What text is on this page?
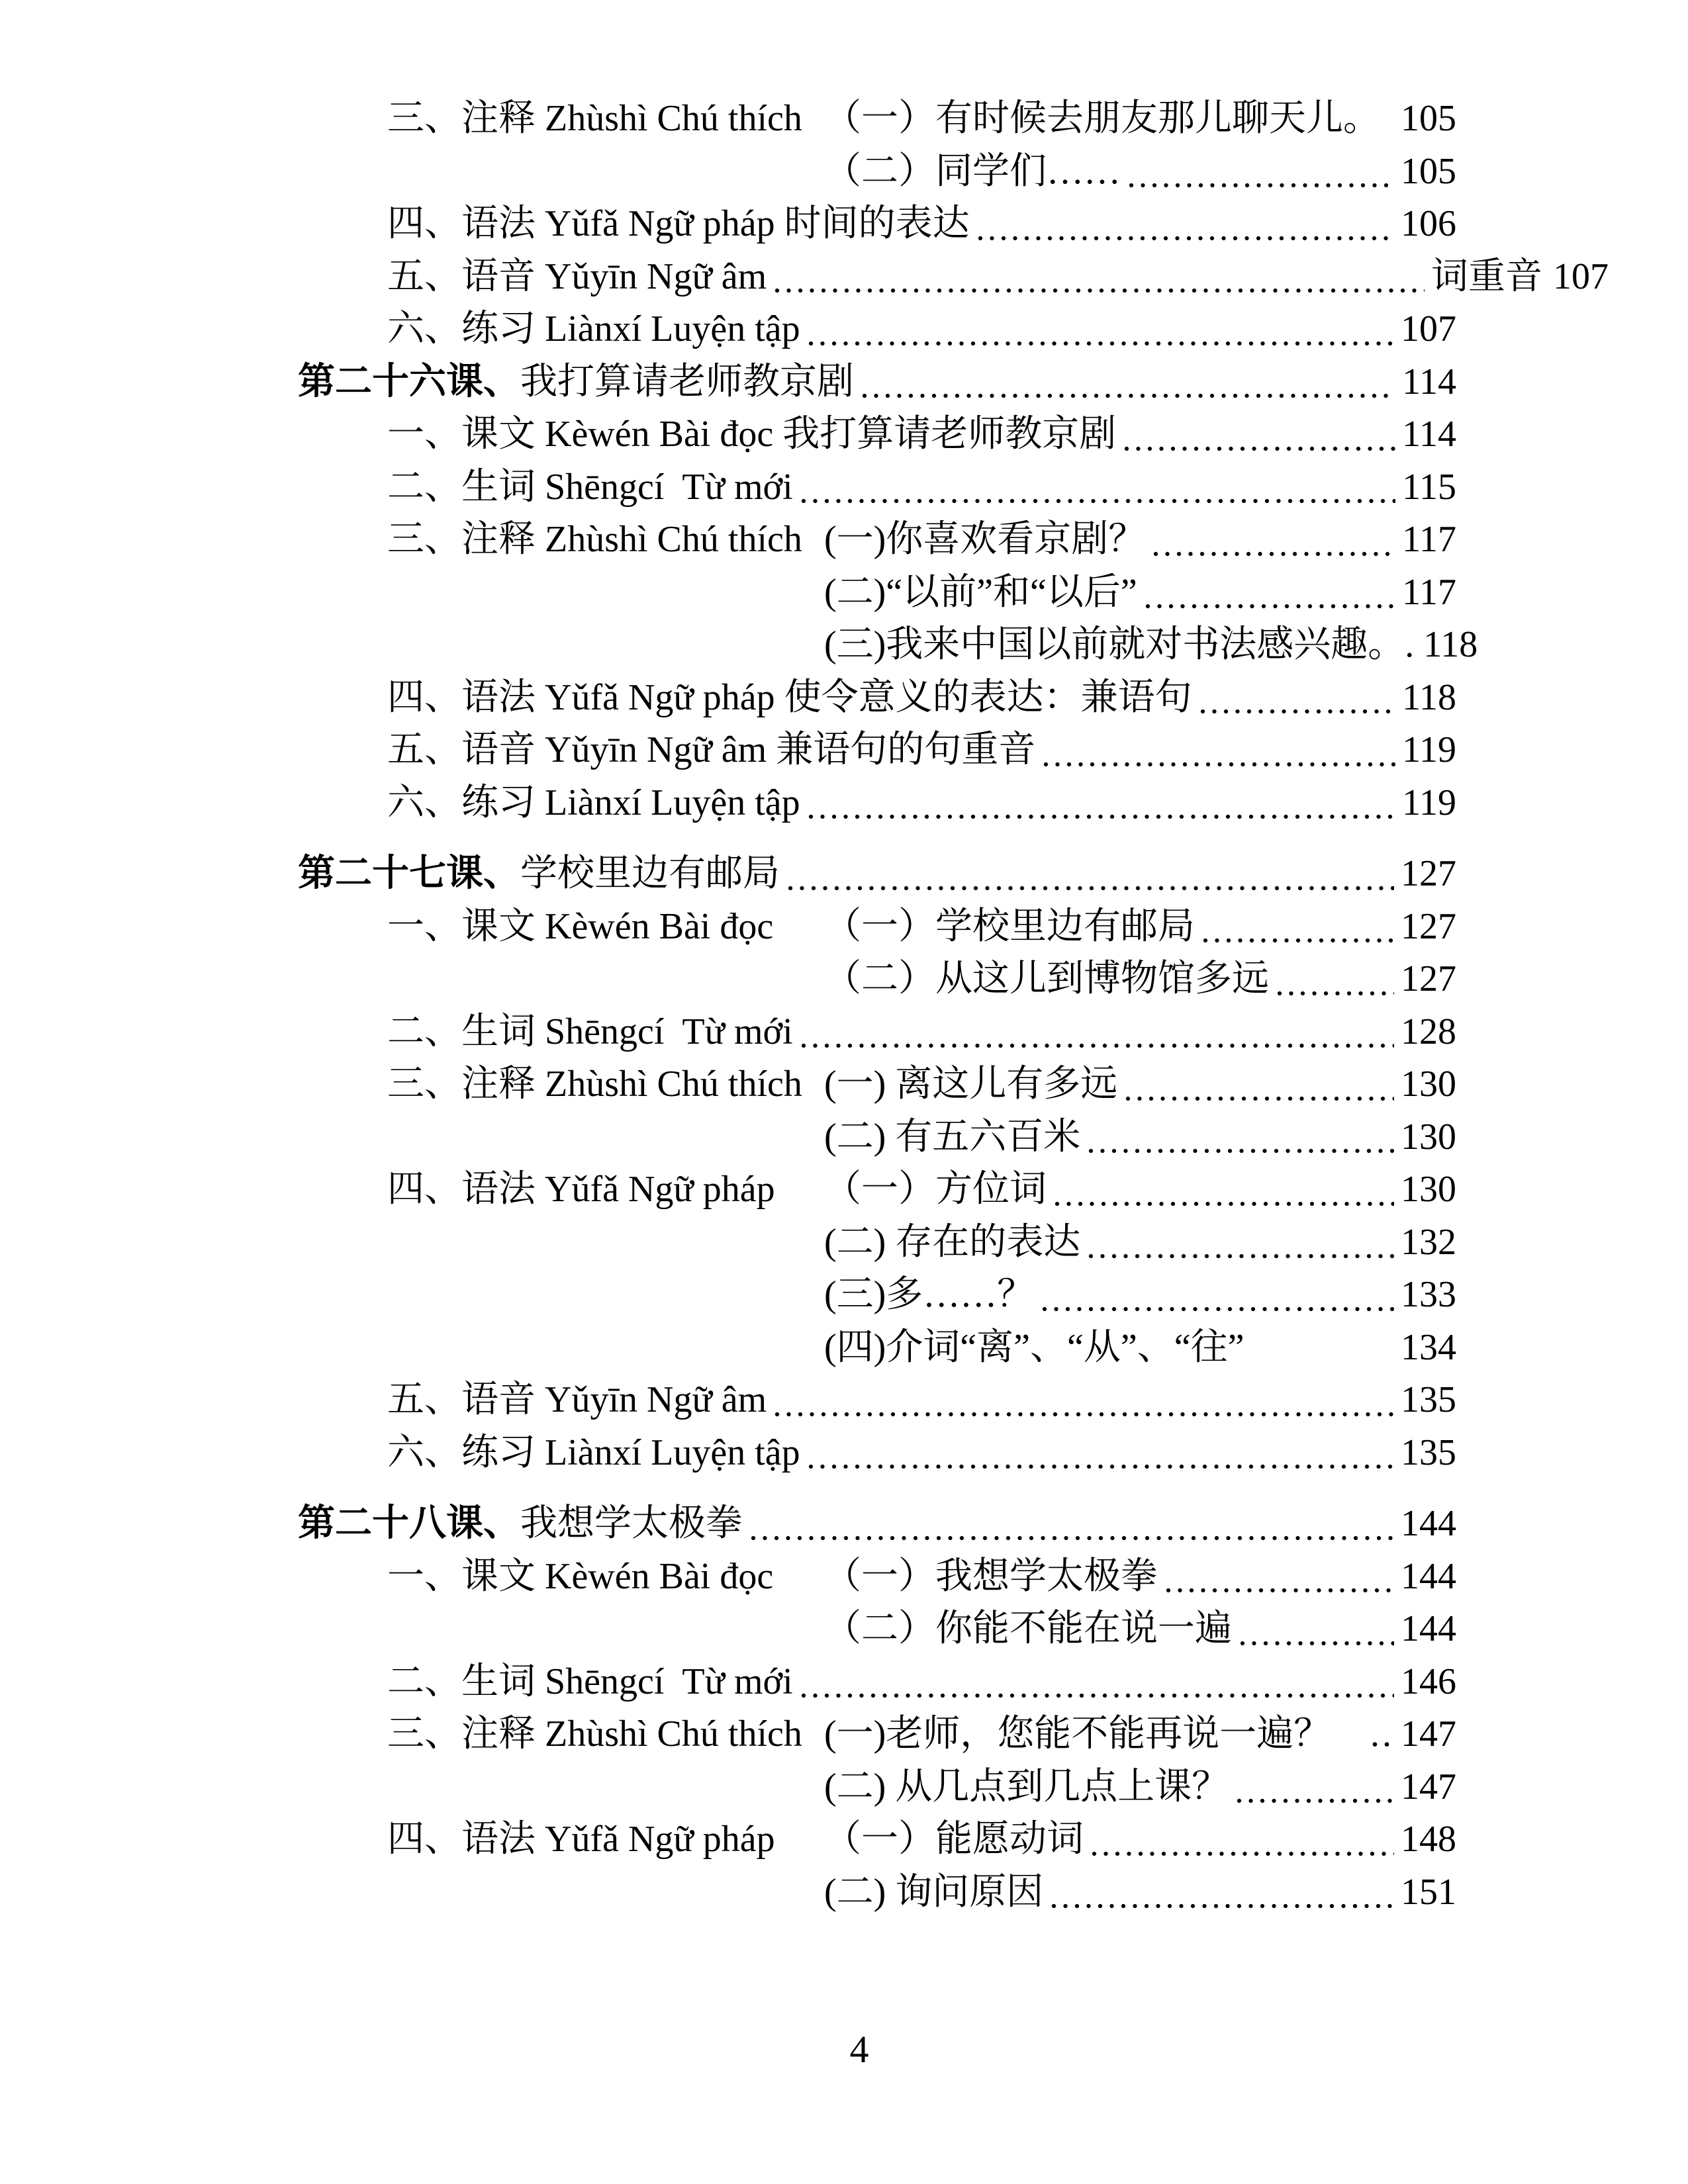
三、注释 Zhùshì Chú thích （一）有时候去朋友那儿聊天儿。 105
（二）同学们……	105
四、语法 Yǔfǎ Ngữ pháp 时间的表达	106
五、语音 Yǔyīn Ngữ âm	词重音 107
六、练习 Liànxí Luyện tập	107
第二十六课、 我打算请老师教京剧	114
一、课文 Kèwén Bài đọc 我打算请老师教京剧	114
二、生词 Shēngcí  Từ mới	115
三、注释 Zhùshì Chú thích (一)你喜欢看京剧？	117
(二)“以前”和“以后”	117
(三)我来中国以前就对书法感兴趣。 . 118
四、语法 Yǔfǎ Ngữ pháp 使令意义的表达：兼语句	118
五、语音 Yǔyīn Ngữ âm 兼语句的句重音	119
六、练习 Liànxí Luyện tập	119
第二十七课、 学校里边有邮局	127
一、课文 Kèwén Bài đọc	（一）学校里边有邮局	127
（二）从这儿到博物馆多远	127
二、生词 Shēngcí  Từ mới	128
三、注释 Zhùshì Chú thích (一) 离这儿有多远	130
(二) 有五六百米	130
四、语法 Yǔfǎ Ngữ pháp	（一）方位词	130
(二) 存在的表达	132
(三)多……？	133
(四)介词“离”、“从”、“往”	134
五、语音 Yǔyīn Ngữ âm	135
六、练习 Liànxí Luyện tập	135
第二十八课、 我想学太极拳	144
一、课文 Kèwén Bài đọc	（一）我想学太极拳	144
（二）你能不能在说一遍	144
二、生词 Shēngcí  Từ mới	146
三、注释 Zhùshì Chú thích (一)老师，您能不能再说一遍？ .. 147
(二) 从几点到几点上课？	147
四、语法 Yǔfǎ Ngữ pháp	（一）能愿动词	148
(二) 询问原因	151
4
